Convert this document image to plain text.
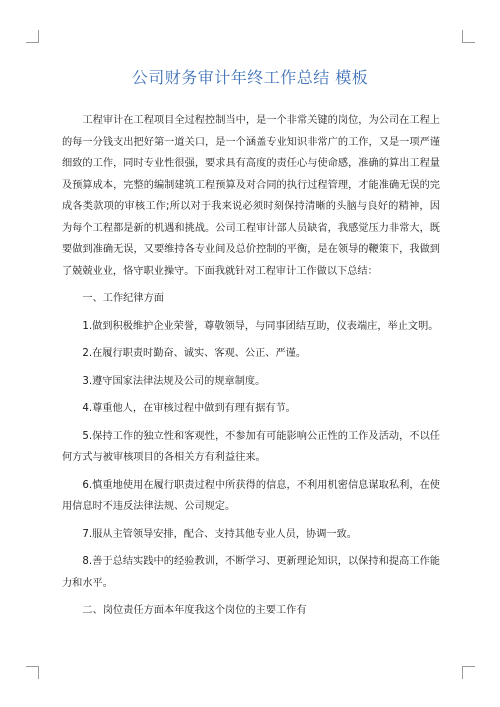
公司财务审计年终工作总结 模板

工程审计在工程项目全过程控制当中，是一个非常关键的岗位，为公司在工程上的每一分钱支出把好第一道关口，是一个涵盖专业知识非常广的工作，又是一项严谨细致的工作，同时专业性很强，要求具有高度的责任心与使命感，准确的算出工程量及预算成本，完整的编制建筑工程预算及对合同的执行过程管理，才能准确无误的完成各类款项的审核工作;所以对于我来说必须时刻保持清晰的头脑与良好的精神，因为每个工程都是新的机遇和挑战。公司工程审计部人员缺省，我感觉压力非常大，既要做到准确无误，又要维持各专业间及总价控制的平衡，是在领导的鞭策下，我做到了兢兢业业，恪守职业操守。下面我就针对工程审计工作做以下总结：

一、工作纪律方面

1.做到积极维护企业荣誉，尊敬领导，与同事团结互助，仪表端庄，举止文明。

2.在履行职责时勤奋、诚实、客观、公正、严谨。

3.遵守国家法律法规及公司的规章制度。

4.尊重他人，在审核过程中做到有理有据有节。

5.保持工作的独立性和客观性，不参加有可能影响公正性的工作及活动，不以任何方式与被审核项目的各相关方有利益往来。

6.慎重地使用在履行职责过程中所获得的信息，不利用机密信息谋取私利，在使用信息时不违反法律法规、公司规定。

7.服从主管领导安排，配合、支持其他专业人员，协调一致。

8.善于总结实践中的经验教训，不断学习、更新理论知识，以保持和提高工作能力和水平。

二、岗位责任方面本年度我这个岗位的主要工作有
